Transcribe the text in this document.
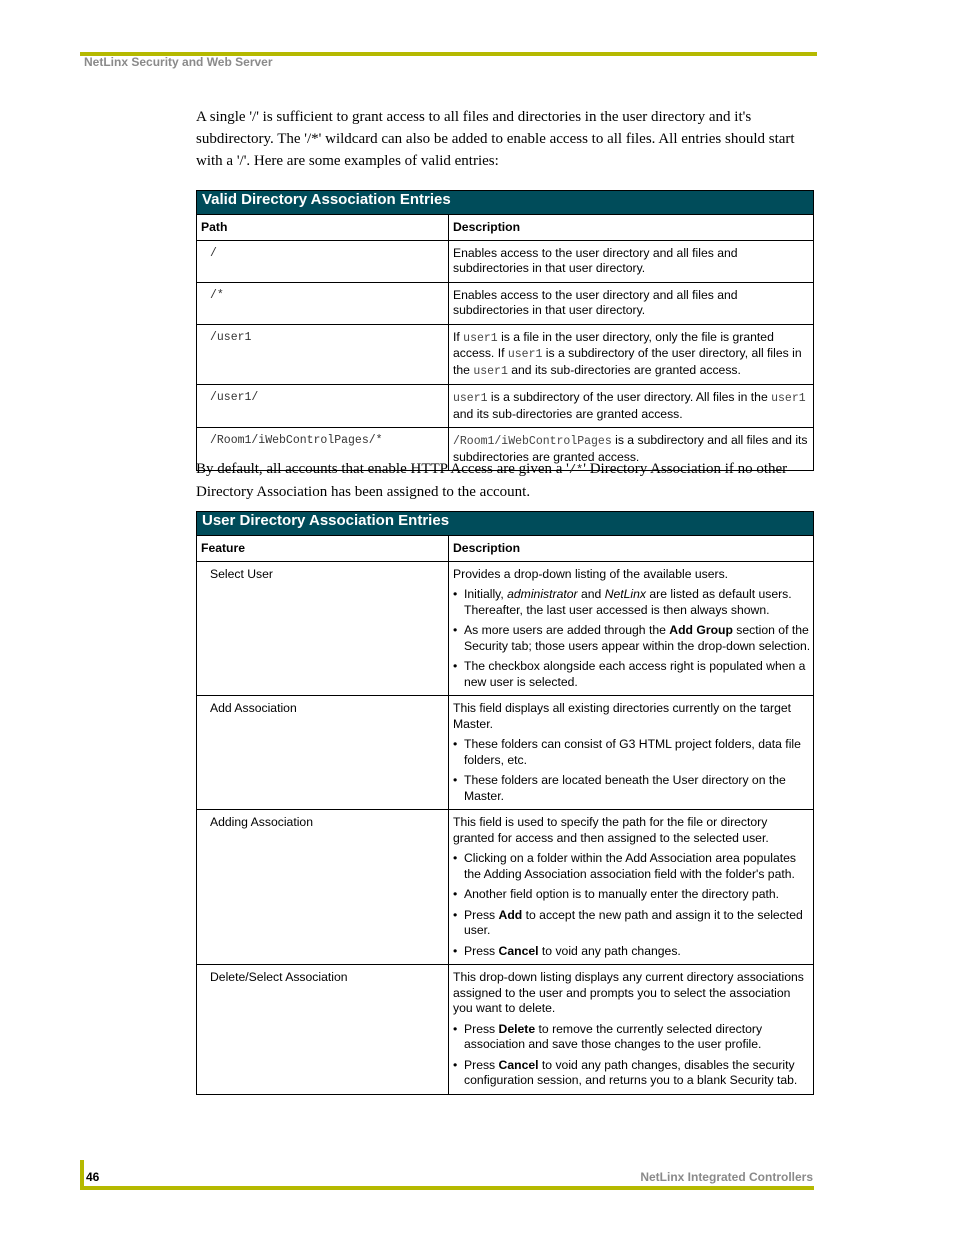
NetLinx Security and Web Server

A single '/' is sufficient to grant access to all files and directories in the user directory and it's subdirectory. The '/*' wildcard can also be added to enable access to all files. All entries should start with a '/'. Here are some examples of valid entries:

Valid Directory Association Entries	
Path	Description
/	Enables access to the user directory and all files and subdirectories in that user directory.
/*	Enables access to the user directory and all files and subdirectories in that user directory.
/user1	If user1 is a file in the user directory, only the file is granted access. If user1 is a subdirectory of the user directory, all files in the user1 and its sub-directories are granted access.
/user1/	user1 is a subdirectory of the user directory. All files in the user1 and its sub-directories are granted access.
/Room1/iWebControlPages/*	/Room1/iWebControlPages is a subdirectory and all files and its subdirectories are granted access.

By default, all accounts that enable HTTP Access are given a '/*' Directory Association if no other Directory Association has been assigned to the account.

User Directory Association Entries	
Feature	Description
Select User	Provides a drop-down listing of the available users.
• Initially, administrator and NetLinx are listed as default users. Thereafter, the last user accessed is then always shown.
• As more users are added through the Add Group section of the Security tab; those users appear within the drop-down selection.
• The checkbox alongside each access right is populated when a new user is selected.

Add Association	This field displays all existing directories currently on the target Master.
• These folders can consist of G3 HTML project folders, data file folders, etc.
• These folders are located beneath the User directory on the Master.

Adding Association	This field is used to specify the path for the file or directory granted for access and then assigned to the selected user.
• Clicking on a folder within the Add Association area populates the Adding Association association field with the folder's path.
• Another field option is to manually enter the directory path.
• Press Add to accept the new path and assign it to the selected user.
• Press Cancel to void any path changes.

Delete/Select Association	This drop-down listing displays any current directory associations assigned to the user and prompts you to select the association you want to delete.
• Press Delete to remove the currently selected directory association and save those changes to the user profile.
• Press Cancel to void any path changes, disables the security configuration session, and returns you to a blank Security tab.
46	NetLinx Integrated Controllers
